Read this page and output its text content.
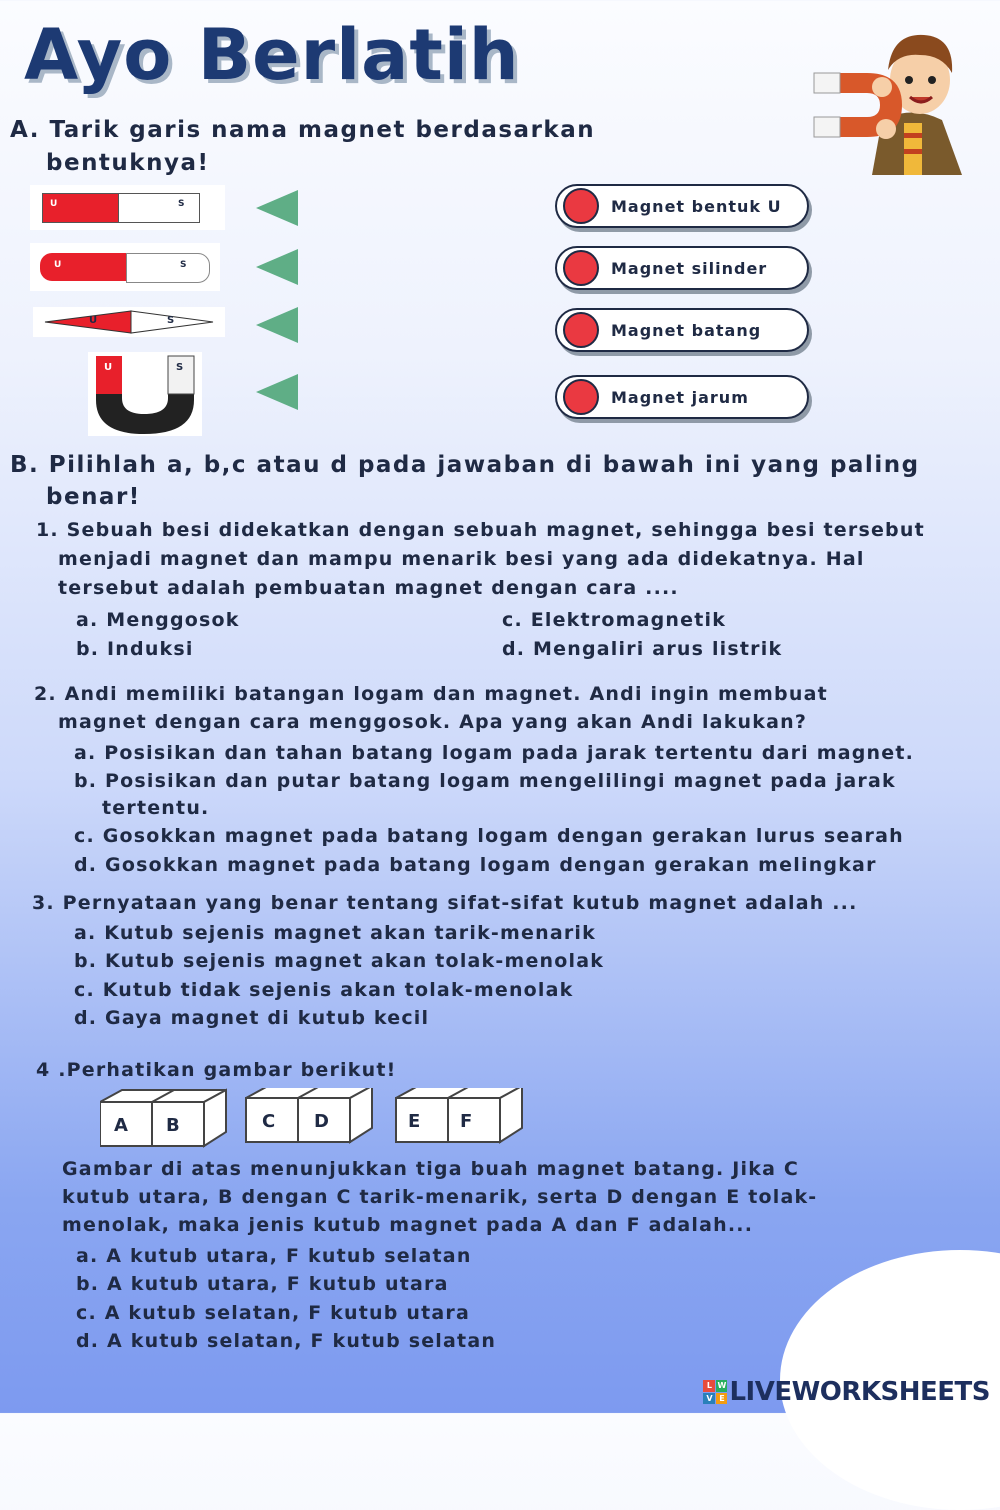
Ayo Berlatih
A. Tarik garis nama magnet berdasarkan
bentuknya!
U	S
U	S
U	S
U	S
Magnet bentuk U
Magnet silinder
Magnet batang
Magnet jarum
B. Pilihlah a, b,c atau d pada jawaban di bawah ini yang paling
benar!
1. Sebuah besi didekatkan dengan sebuah magnet, sehingga besi tersebut
menjadi magnet dan mampu menarik besi yang ada didekatnya. Hal
tersebut adalah pembuatan magnet dengan cara ....
a. Menggosok
b. Induksi
c. Elektromagnetik
d. Mengaliri arus listrik
2. Andi memiliki batangan logam dan magnet. Andi ingin membuat
magnet dengan cara menggosok. Apa yang akan Andi lakukan?
a. Posisikan dan tahan batang logam pada jarak tertentu dari magnet.
b. Posisikan dan putar batang logam mengelilingi magnet pada jarak
tertentu.
c. Gosokkan magnet pada batang logam dengan gerakan lurus searah
d. Gosokkan magnet pada batang logam dengan gerakan melingkar
3. Pernyataan yang benar tentang sifat-sifat kutub magnet adalah ...
a. Kutub sejenis magnet akan tarik-menarik
b. Kutub sejenis magnet akan tolak-menolak
c. Kutub tidak sejenis akan tolak-menolak
d. Gaya magnet di kutub kecil
4 .Perhatikan gambar berikut!
A B	C D	E F
Gambar di atas menunjukkan tiga buah magnet batang. Jika C
kutub utara, B dengan C tarik-menarik, serta D dengan E tolak-
menolak, maka jenis kutub magnet pada A dan F adalah...
a. A kutub utara, F kutub selatan
b. A kutub utara, F kutub utara
c. A kutub selatan, F kutub utara
d. A kutub selatan, F kutub selatan
L W
V E LIVEWORKSHEETS
